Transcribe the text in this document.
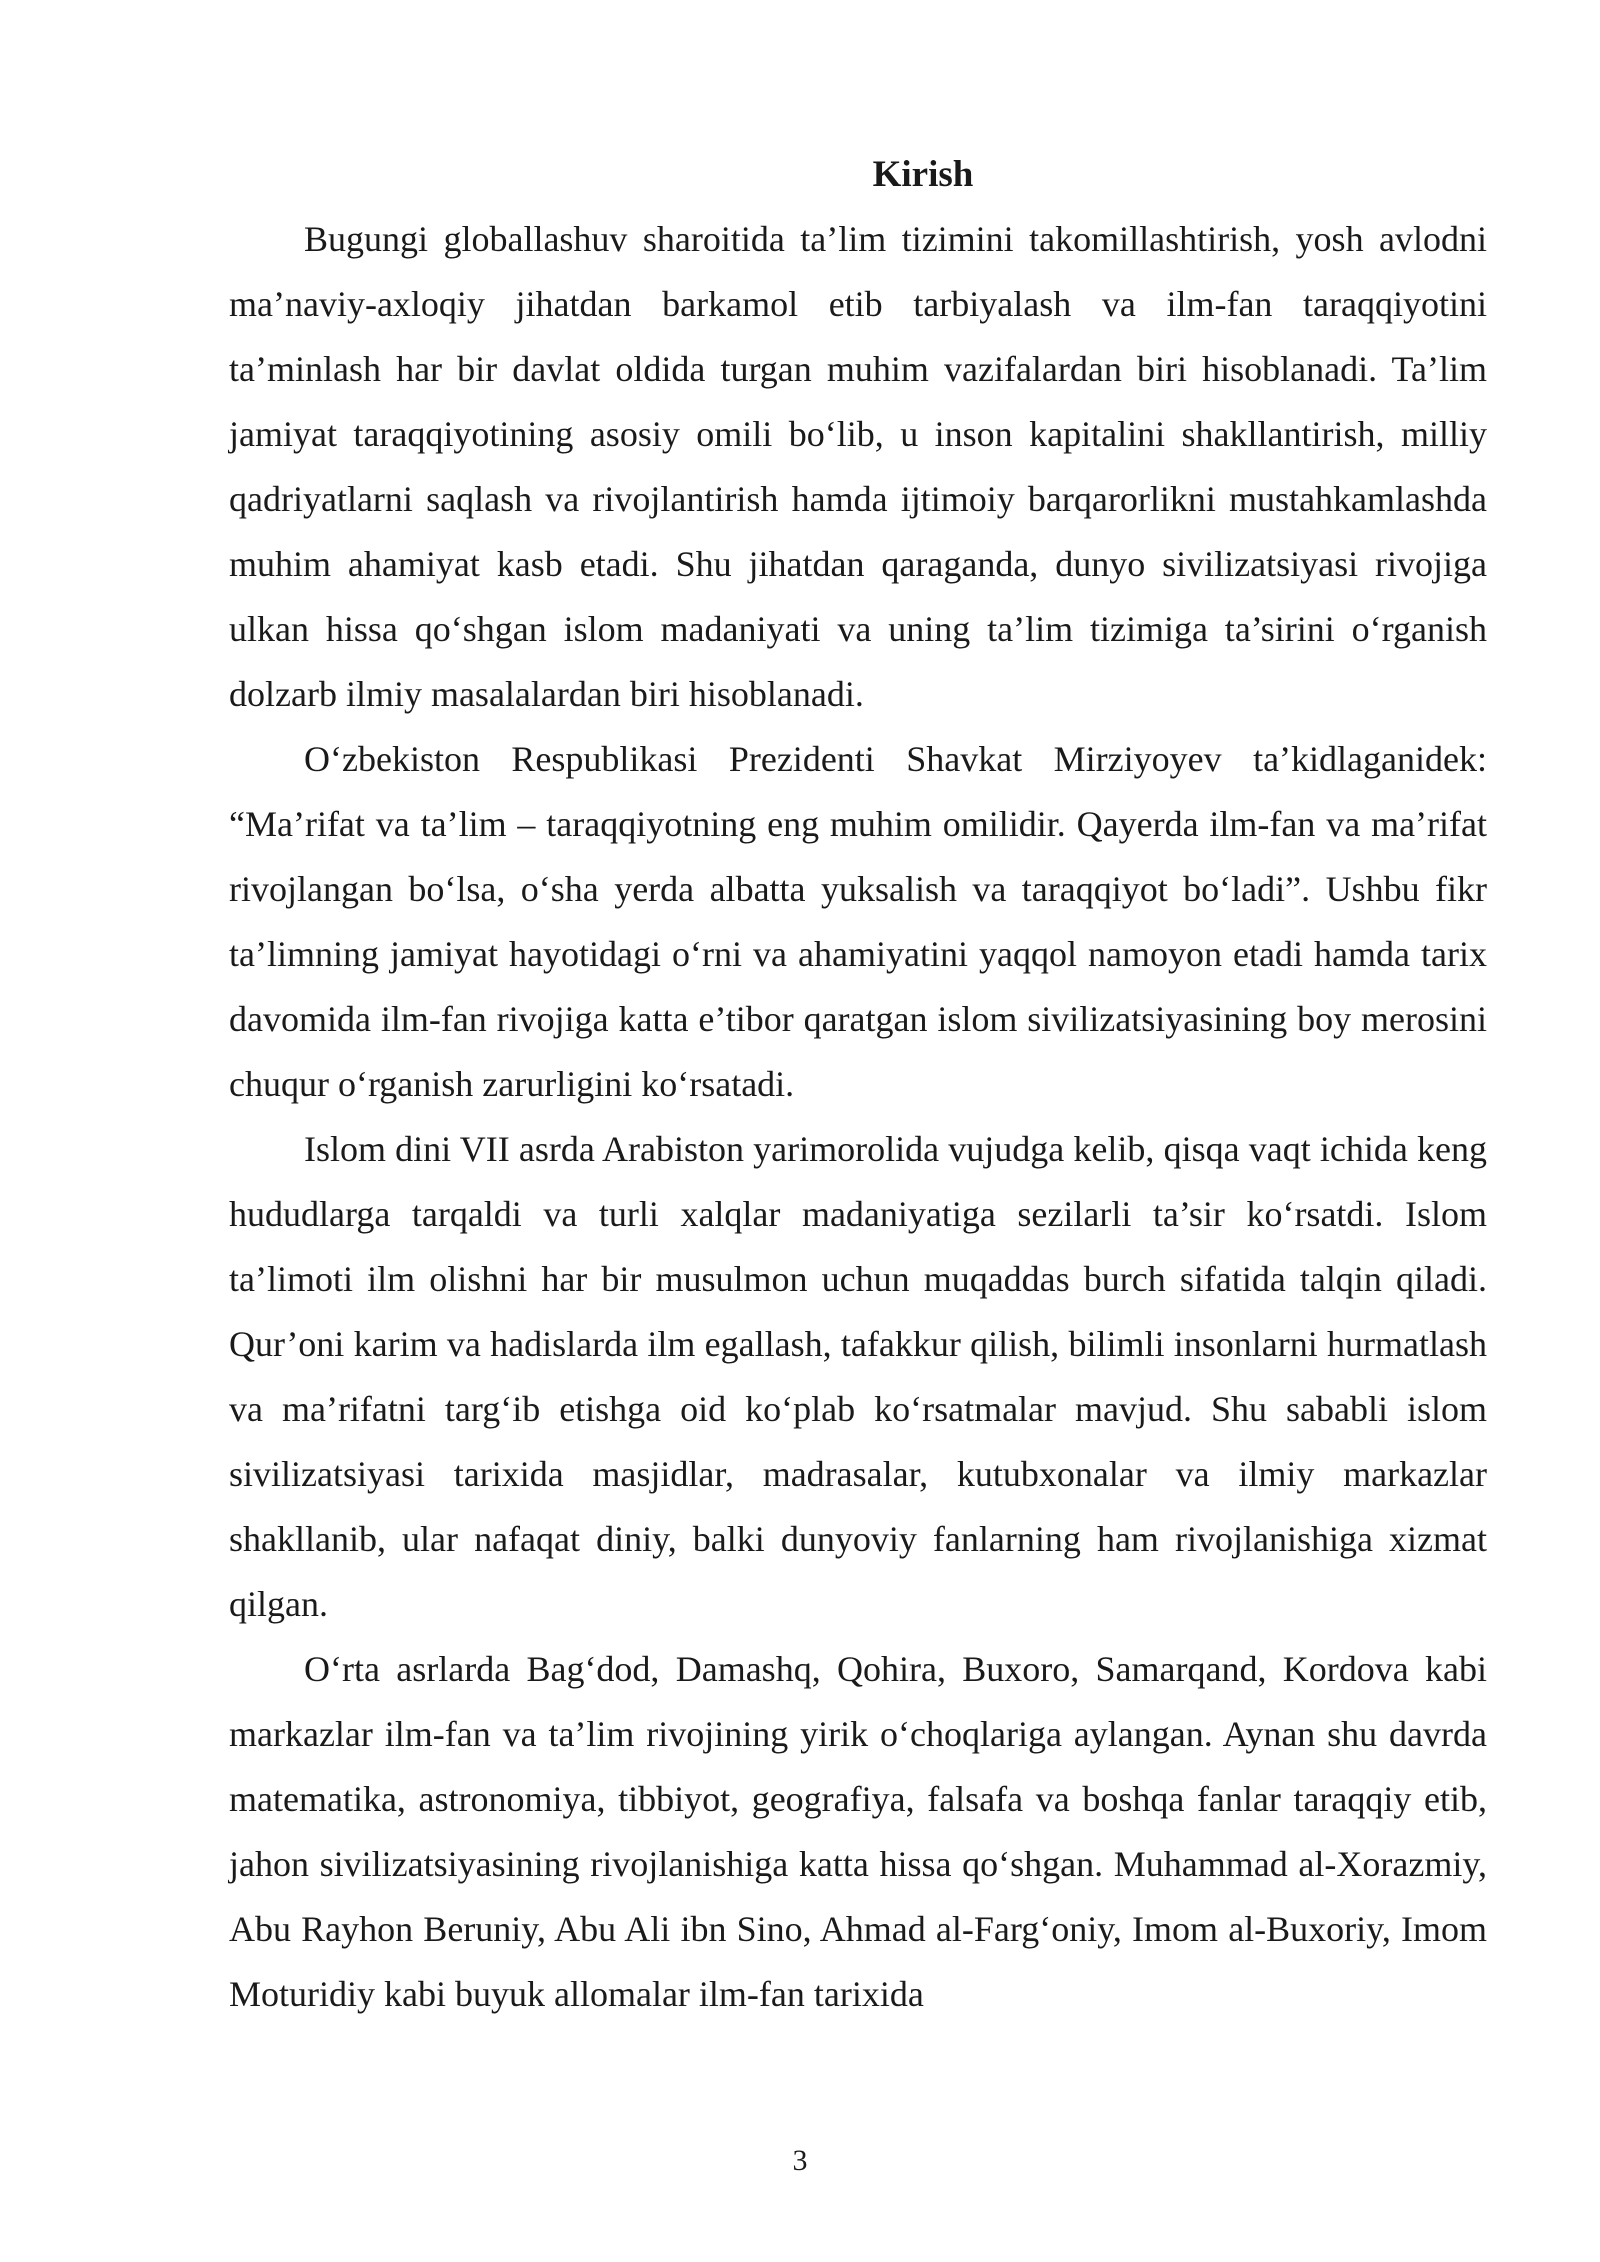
Kirish

Bugungi globallashuv sharoitida ta’lim tizimini takomillashtirish, yosh avlodni ma’naviy-axloqiy jihatdan barkamol etib tarbiyalash va ilm-fan taraqqiyotini ta’minlash har bir davlat oldida turgan muhim vazifalardan biri hisoblanadi. Ta’lim jamiyat taraqqiyotining asosiy omili bo‘lib, u inson kapitalini shakllantirish, milliy qadriyatlarni saqlash va rivojlantirish hamda ijtimoiy barqarorlikni mustahkamlashda muhim ahamiyat kasb etadi. Shu jihatdan qaraganda, dunyo sivilizatsiyasi rivojiga ulkan hissa qo‘shgan islom madaniyati va uning ta’lim tizimiga ta’sirini o‘rganish dolzarb ilmiy masalalardan biri hisoblanadi.

O‘zbekiston Respublikasi Prezidenti Shavkat Mirziyoyev ta’kidlaganidek: “Ma’rifat va ta’lim – taraqqiyotning eng muhim omilidir. Qayerda ilm-fan va ma’rifat rivojlangan bo‘lsa, o‘sha yerda albatta yuksalish va taraqqiyot bo‘ladi”. Ushbu fikr ta’limning jamiyat hayotidagi o‘rni va ahamiyatini yaqqol namoyon etadi hamda tarix davomida ilm-fan rivojiga katta e’tibor qaratgan islom sivilizatsiyasining boy merosini chuqur o‘rganish zarurligini ko‘rsatadi.

Islom dini VII asrda Arabiston yarimorolida vujudga kelib, qisqa vaqt ichida keng hududlarga tarqaldi va turli xalqlar madaniyatiga sezilarli ta’sir ko‘rsatdi. Islom ta’limoti ilm olishni har bir musulmon uchun muqaddas burch sifatida talqin qiladi. Qur’oni karim va hadislarda ilm egallash, tafakkur qilish, bilimli insonlarni hurmatlash va ma’rifatni targ‘ib etishga oid ko‘plab ko‘rsatmalar mavjud. Shu sababli islom sivilizatsiyasi tarixida masjidlar, madrasalar, kutubxonalar va ilmiy markazlar shakllanib, ular nafaqat diniy, balki dunyoviy fanlarning ham rivojlanishiga xizmat qilgan.

O‘rta asrlarda Bag‘dod, Damashq, Qohira, Buxoro, Samarqand, Kordova kabi markazlar ilm-fan va ta’lim rivojining yirik o‘choqlariga aylangan. Aynan shu davrda matematika, astronomiya, tibbiyot, geografiya, falsafa va boshqa fanlar taraqqiy etib, jahon sivilizatsiyasining rivojlanishiga katta hissa qo‘shgan. Muhammad al-Xorazmiy, Abu Rayhon Beruniy, Abu Ali ibn Sino, Ahmad al-Farg‘oniy, Imom al-Buxoriy, Imom Moturidiy kabi buyuk allomalar ilm-fan tarixida

3
